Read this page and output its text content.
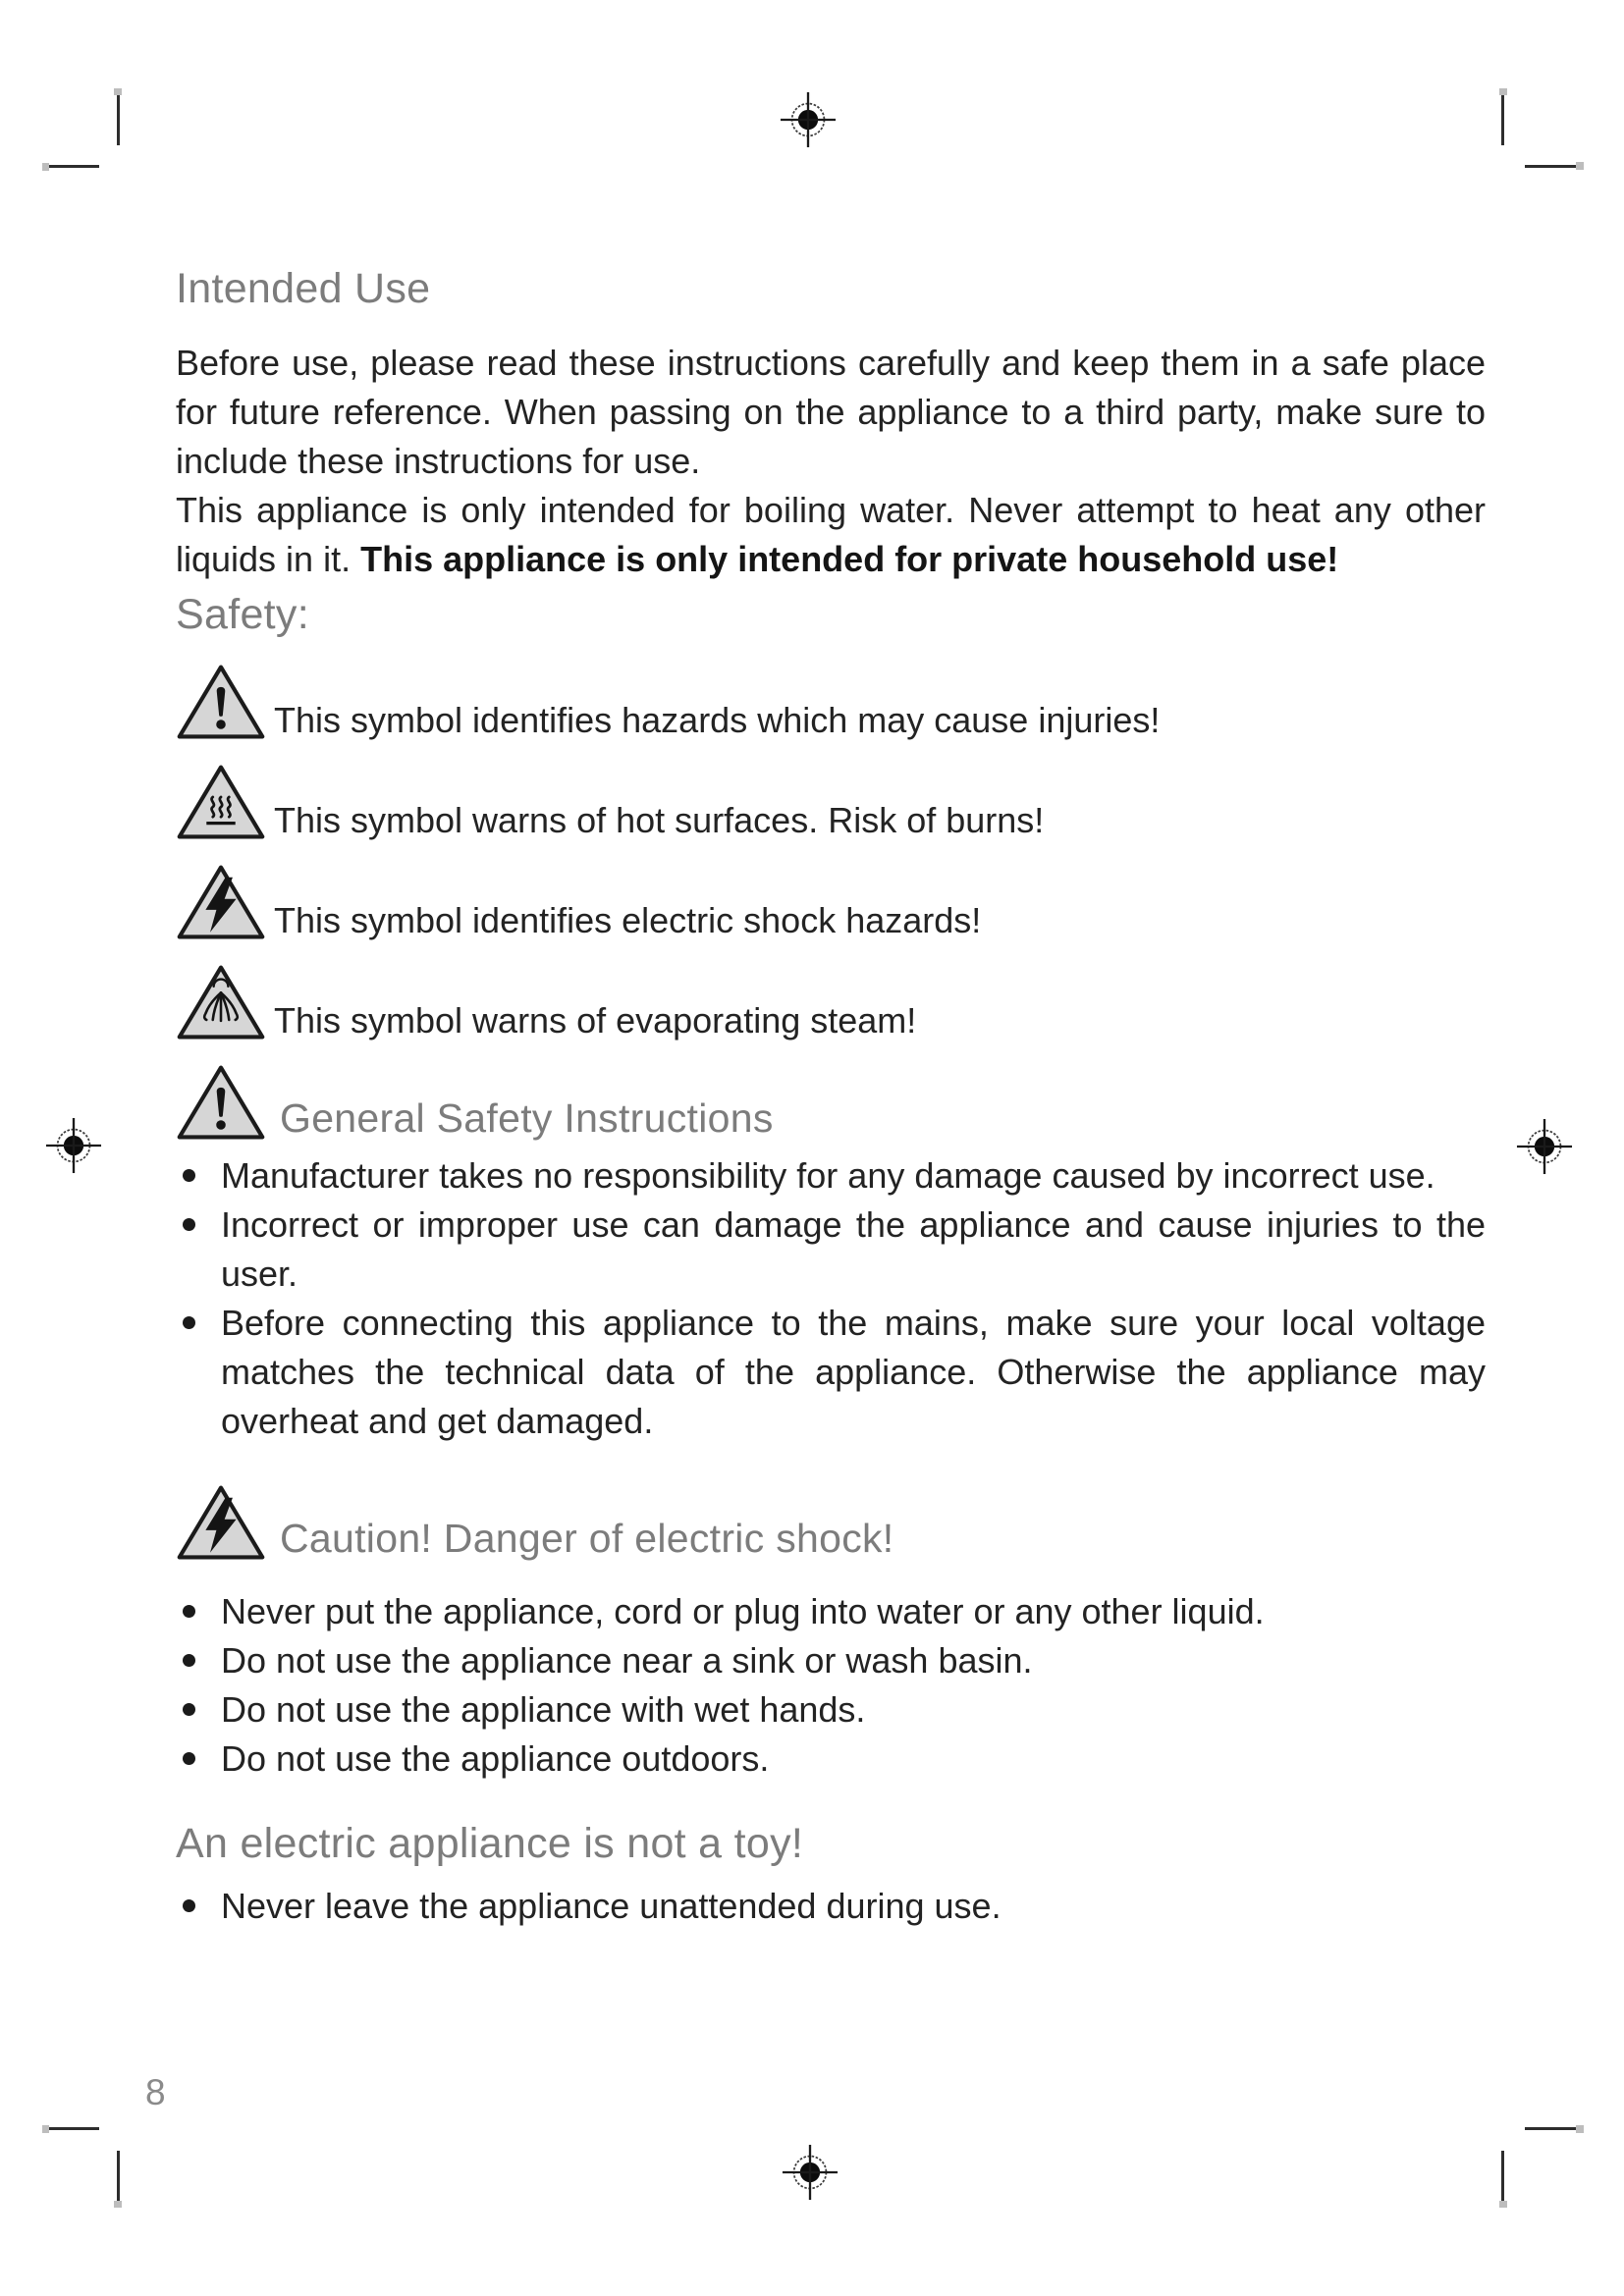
Intended Use

Before use, please read these instructions carefully and keep them in a safe place for future reference. When passing on the appliance to a third party, make sure to include these instructions for use.

This appliance is only intended for boiling water. Never attempt to heat any other liquids in it. This appliance is only intended for private household use!

Safety:
This symbol identifies hazards which may cause injuries!
This symbol warns of hot surfaces. Risk of burns!
This symbol identifies electric shock hazards!
This symbol warns of evaporating steam!
General Safety Instructions
Manufacturer takes no responsibility for any damage caused by incorrect use.
Incorrect or improper use can damage the appliance and cause injuries to the user.
Before connecting this appliance to the mains, make sure your local voltage matches the technical data of the appliance. Otherwise the appliance may overheat and get damaged.
Caution! Danger of electric shock!
Never put the appliance, cord or plug into water or any other liquid.
Do not use the appliance near a sink or wash basin.
Do not use the appliance with wet hands.
Do not use the appliance outdoors.
An electric appliance is not a toy!
Never leave the appliance unattended during use.
8
